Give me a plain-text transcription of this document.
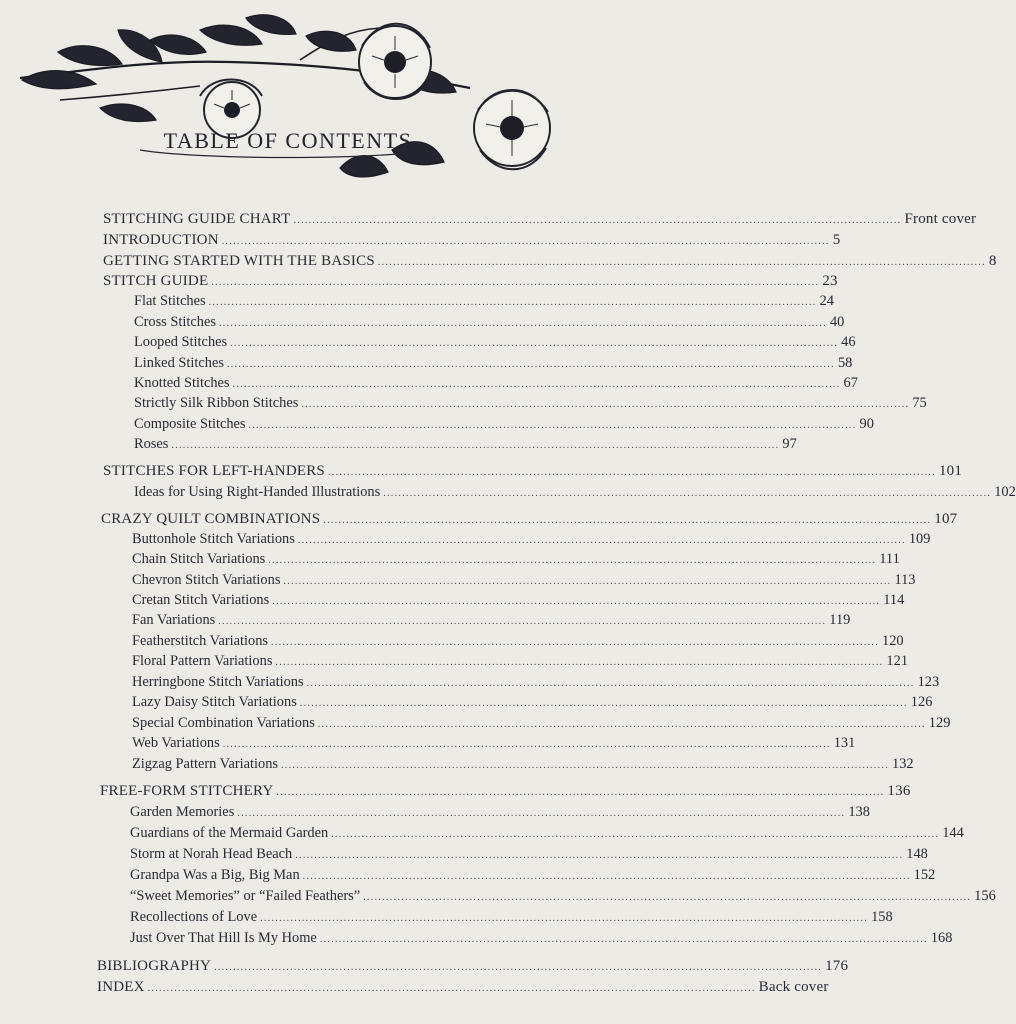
TABLE OF CONTENTS
STITCHING GUIDE CHART ................................................................................................................................................................ Front cover
INTRODUCTION ................................................................................................................................................................ 5
GETTING STARTED WITH THE BASICS ................................................................................................................................................................ 8
STITCH GUIDE ................................................................................................................................................................ 23
Flat Stitches ................................................................................................................................................................ 24
Cross Stitches ................................................................................................................................................................ 40
Looped Stitches ................................................................................................................................................................ 46
Linked Stitches ................................................................................................................................................................ 58
Knotted Stitches ................................................................................................................................................................ 67
Strictly Silk Ribbon Stitches ................................................................................................................................................................ 75
Composite Stitches ................................................................................................................................................................ 90
Roses ................................................................................................................................................................ 97
STITCHES FOR LEFT-HANDERS ................................................................................................................................................................ 101
Ideas for Using Right-Handed Illustrations ................................................................................................................................................................ 102
CRAZY QUILT COMBINATIONS ................................................................................................................................................................ 107
Buttonhole Stitch Variations ................................................................................................................................................................ 109
Chain Stitch Variations ................................................................................................................................................................ 111
Chevron Stitch Variations ................................................................................................................................................................ 113
Cretan Stitch Variations ................................................................................................................................................................ 114
Fan Variations ................................................................................................................................................................ 119
Featherstitch Variations ................................................................................................................................................................ 120
Floral Pattern Variations ................................................................................................................................................................ 121
Herringbone Stitch Variations ................................................................................................................................................................ 123
Lazy Daisy Stitch Variations ................................................................................................................................................................ 126
Special Combination Variations ................................................................................................................................................................ 129
Web Variations ................................................................................................................................................................ 131
Zigzag Pattern Variations ................................................................................................................................................................ 132
FREE-FORM STITCHERY ................................................................................................................................................................ 136
Garden Memories ................................................................................................................................................................ 138
Guardians of the Mermaid Garden ................................................................................................................................................................ 144
Storm at Norah Head Beach ................................................................................................................................................................ 148
Grandpa Was a Big, Big Man ................................................................................................................................................................ 152
“Sweet Memories” or “Failed Feathers” ................................................................................................................................................................ 156
Recollections of Love ................................................................................................................................................................ 158
Just Over That Hill Is My Home ................................................................................................................................................................ 168
BIBLIOGRAPHY ................................................................................................................................................................ 176
INDEX ................................................................................................................................................................ Back cover
